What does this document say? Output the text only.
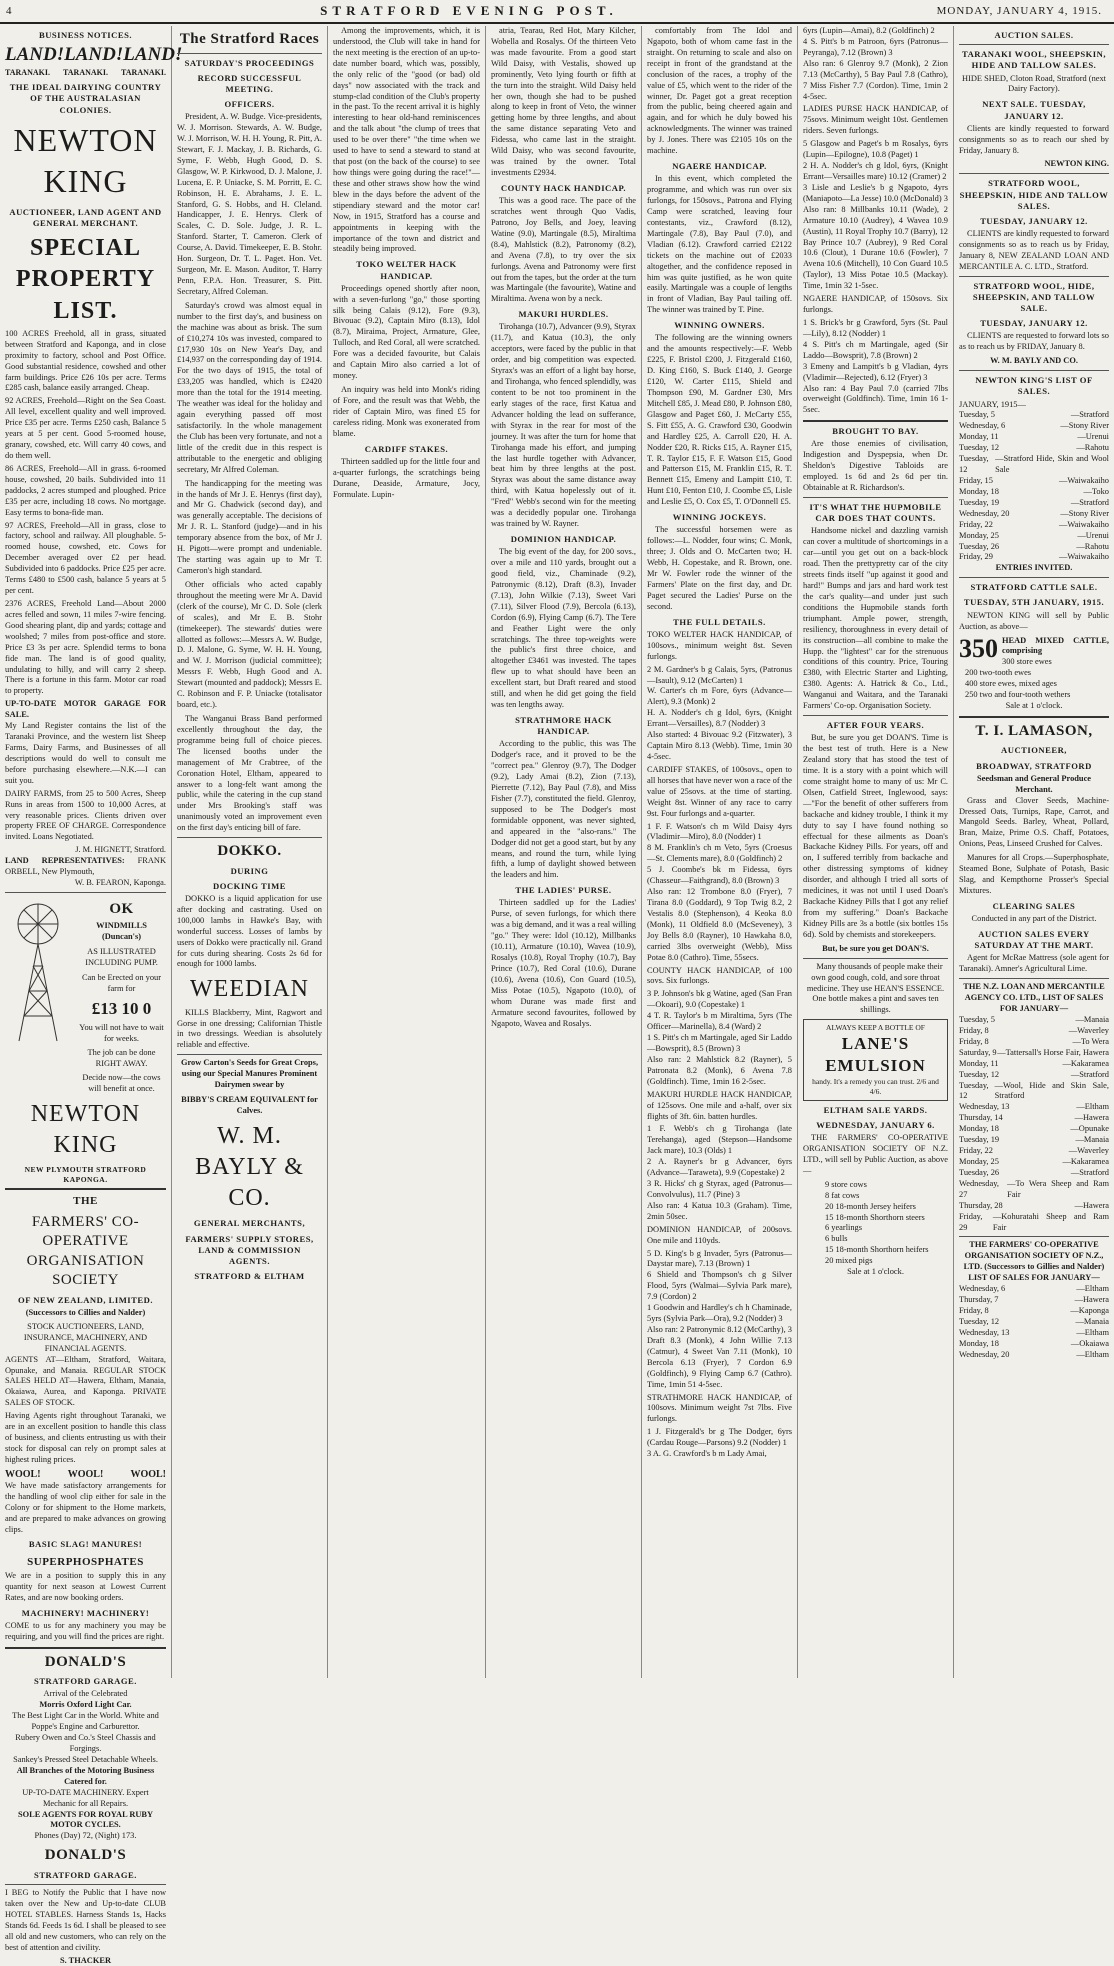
4	STRATFORD EVENING POST.	MONDAY, JANUARY 4, 1915.
BUSINESS NOTICES.
LAND! LAND! LAND!
TARANAKI. TARANAKI. TARANAKI.
THE IDEAL DAIRYING COUNTRY OF THE AUSTRALASIAN COLONIES.
NEWTON KING
AUCTIONEER, LAND AGENT AND GENERAL MERCHANT.
SPECIAL PROPERTY LIST.
100 ACRES Freehold, all in grass, situated between Stratford and Kaponga, and in close proximity to factory, school and Post Office. Good substantial residence, cowshed and other farm buildings. Price £26 10s per acre. Terms £285 cash, balance easily arranged. Cheap.
92 ACRES, Freehold—Right on the Sea Coast. All level, excellent quality and well improved. Price £35 per acre. Terms £250 cash, Balance 5 years at 5 per cent. Good 5-roomed house, granary, cowshed, etc. Will carry 40 cows, and do them well.
86 ACRES, Freehold—All in grass. 6-roomed house, cowshed, 20 bails. Subdivided into 11 paddocks, 2 acres stumped and ploughed. Price £35 per acre, including 18 cows. No mortgage. Easy terms to bona-fide man.
97 ACRES, Freehold—All in grass, close to factory, school and railway. All ploughable. 5-roomed house, cowshed, etc. Cows for December averaged over £2 per head. Subdivided into 6 paddocks. Price £25 per acre. Terms £480 to £500 cash, balance 5 years at 5 per cent.
2376 ACRES, Freehold Land—About 2000 acres felled and sown, 11 miles 7-wire fencing. Good shearing plant, dip and yards; cottage and woolshed; 7 miles from post-office and store. Price £3 3s per acre. Splendid terms to bona fide man. The land is of good quality, undulating to hilly, and will carry 2 sheep. There is a fortune in this farm. Motor car road to property.
UP-TO-DATE MOTOR GARAGE FOR SALE.
My Land Register contains the list of the Taranaki Province, and the western list Sheep Farms, Dairy Farms, and Businesses of all descriptions would do well to consult me before purchasing elsewhere.—N.K.—I can suit you.
DAIRY FARMS, from 25 to 500 Acres, Sheep Runs in areas from 1500 to 10,000 Acres, at very reasonable prices. Clients driven over property FREE OF CHARGE. Correspondence invited. Loans Negotiated.
J. M. HIGNETT, Stratford.
LAND REPRESENTATIVES: FRANK ORBELL, New Plymouth,
W. B. FEARON, Kaponga.
OK
WINDMILLS (Duncan's)
AS ILLUSTRATED INCLUDING PUMP.
Can be Erected on your farm for
£13 10 0
You will not have to wait for weeks.
The job can be done RIGHT AWAY.
Decide now—the cows will benefit at once.
NEWTON KING
NEW PLYMOUTH STRATFORD KAPONGA.
THE
FARMERS' CO-OPERATIVE ORGANISATION SOCIETY
OF NEW ZEALAND, LIMITED.
(Successors to Cillies and Nalder)
STOCK AUCTIONEERS, LAND, INSURANCE, MACHINERY, AND FINANCIAL AGENTS.
AGENTS AT—Eltham, Stratford, Waitara, Opunake, and Manaia. REGULAR STOCK SALES HELD AT—Hawera, Eltham, Manaia, Okaiawa, Aurea, and Kaponga. PRIVATE SALES OF STOCK.
Having Agents right throughout Taranaki, we are in an excellent position to handle this class of business, and clients entrusting us with their stock for disposal can rely on prompt sales at highest ruling prices.
WOOL!	WOOL!	WOOL!
We have made satisfactory arrangements for the handling of wool clip either for sale in the Colony or for shipment to the Home markets, and are prepared to make advances on growing clips.
BASIC SLAG! MANURES!
SUPERPHOSPHATES
We are in a position to supply this in any quantity for next season at Lowest Current Rates, and are now booking orders.
MACHINERY! MACHINERY!
COME to us for any machinery you may be requiring, and you will find the prices are right.
DONALD'S
STRATFORD GARAGE.
Arrival of the Celebrated
Morris Oxford Light Car.
The Best Light Car in the World. White and Poppe's Engine and Carburettor.
Rubery Owen and Co.'s Steel Chassis and Forgings.
Sankey's Pressed Steel Detachable Wheels.
All Branches of the Motoring Business Catered for.
UP-TO-DATE MACHINERY. Expert Mechanic for all Repairs.
SOLE AGENTS FOR ROYAL RUBY MOTOR CYCLES.
Phones (Day) 72, (Night) 173.
DONALD'S
STRATFORD GARAGE.
I BEG to Notify the Public that I have now taken over the New and Up-to-date CLUB HOTEL STABLES. Harness Stands 1s, Hacks Stands 6d. Feeds 1s 6d. I shall be pleased to see all old and new customers, who can rely on the best of attention and civility.
S. THACKER
The Stratford Races
SATURDAY'S PROCEEDINGS
RECORD SUCCESSFUL MEETING.
OFFICERS.

President, A. W. Budge. Vice-presidents, W. J. Morrison. Stewards, A. W. Budge, W. J. Morrison, W. H. H. Young, R. Pitt, A. Stewart, F. J. Mackay, J. B. Richards, G. Syme, F. Webb, Hugh Good, D. S. Glasgow, W. P. Kirkwood, D. J. Malone, J. Lucena, E. P. Uniacke, S. M. Porritt, E. C. Robinson, H. E. Abrahams, J. E. L. Stanford, G. S. Hobbs, and H. Cleland. Handicapper, J. E. Henrys. Clerk of Scales, C. D. Sole. Judge, J. R. L. Stanford. Starter, T. Cameron. Clerk of Course, A. David. Timekeeper, E. B. Stohr. Hon. Surgeon, Dr. T. L. Paget. Hon. Vet. Surgeon, Mr. E. Mason. Auditor, T. Harry Penn, F.P.A. Hon. Treasurer, S. Pitt. Secretary, Alfred Coleman.

Saturday's crowd was almost equal in number to the first day's, and business on the machine was about as brisk. The sum of £10,274 10s was invested, compared to £17,930 10s on New Year's Day, and £14,937 on the corresponding day of 1914. For the two days of 1915, the total of £33,205 was handled, which is £2420 more than the total for the 1914 meeting. The weather was ideal for the holiday and again everything passed off most satisfactorily. In the whole management the Club has been very fortunate, and not a little of the credit due in this respect is attributable to the energetic and obliging secretary, Mr Alfred Coleman.

The handicapping for the meeting was in the hands of Mr J. E. Henrys (first day), and Mr G. Chadwick (second day), and was generally acceptable. The decisions of Mr J. R. L. Stanford (judge)—and in his temporary absence from the box, of Mr J. H. Pigott—were prompt and undeniable. The starting was again up to Mr T. Cameron's high standard.

Other officials who acted capably throughout the meeting were Mr A. David (clerk of the course), Mr C. D. Sole (clerk of scales), and Mr E. B. Stohr (timekeeper). The stewards' duties were allotted as follows:—Messrs A. W. Budge, D. J. Malone, G. Syme, W. H. H. Young, and W. J. Morrison (judicial committee); Messrs F. Webb, Hugh Good and A. Stewart (mounted and paddock); Messrs E. C. Robinson and F. P. Uniacke (totalisator board, etc.).

The Wanganui Brass Band performed excellently throughout the day, the programme being full of choice pieces. The licensed booths under the management of Mr Crabtree, of the Coronation Hotel, Eltham, appeared to answer to a long-felt want among the public, while the catering in the cup stand under Mrs Brooking's staff was unanimously voted an improvement even on the first day's enticing bill of fare.

DOKKO.
DURING
DOCKING TIME

DOKKO is a liquid application for use after docking and castrating. Used on 100,000 lambs in Hawke's Bay, with wonderful success. Losses of lambs by users of Dokko were practically nil. Grand for cuts during shearing. Costs 2s 6d for enough for 1000 lambs.

WEEDIAN

KILLS Blackberry, Mint, Ragwort and Gorse in one dressing; Californian Thistle in two dressings. Weedian is absolutely reliable and effective.

Grow Carton's Seeds for Great Crops, using our Special Manures Prominent Dairymen swear by
BIBBY'S CREAM EQUIVALENT for Calves.
W. M. BAYLY & CO.
GENERAL MERCHANTS,
FARMERS' SUPPLY STORES, LAND & COMMISSION AGENTS.
STRATFORD & ELTHAM

Among the improvements, which, it is understood, the Club will take in hand for the next meeting is the erection of an up-to-date number board, which was, possibly, the only relic of the "good (or bad) old days" now associated with the track and stump-clad condition of the Club's property in the past. To the recent arrival it is highly interesting to hear old-hand reminiscences and the talk about "the clump of trees that used to be over there" "the time when we used to have to send a steward to stand at that post (on the back of the course) to see how things were going during the race!"—these and other straws show how the wind blew in the days before the advent of the stipendiary steward and the motor car! Now, in 1915, Stratford has a course and appointments in keeping with the importance of the town and district and steadily being improved.

TOKO WELTER HACK HANDICAP.

Proceedings opened shortly after noon, with a seven-furlong "go," those sporting silk being Calais (9.12), Fore (9.3), Bivouac (9.2), Captain Miro (8.13), Idol (8.7), Miraima, Project, Armature, Glee, Tulloch, and Red Coral, all were scratched. Fore was a decided favourite, but Calais and Captain Miro also carried a lot of money.

An inquiry was held into Monk's riding of Fore, and the result was that Webb, the rider of Captain Miro, was fined £5 for careless riding. Monk was exonerated from blame.

CARDIFF STAKES.

Thirteen saddled up for the little four and a-quarter furlongs, the scratchings being Durane, Deaside, Armature, Jocy, Formulate. Lupin-

atria, Tearau, Red Hot, Mary Kilcher, Wobella and Rosalys. Of the thirteen Veto was made favourite. From a good start Wild Daisy, with Vestalis, showed up prominently, Veto lying fourth or fifth at the turn into the straight. Wild Daisy held her own, though she had to be pushed along to keep in front of Veto, the winner getting home by three lengths, and about the same distance separating Veto and Fidessa, who came last in the straight. Wild Daisy, who was second favourite, was trained by the owner. Total investments £2934.

COUNTY HACK HANDICAP.

This was a good race. The pace of the scratches went through Quo Vadis, Patrono, Joy Bells, and Joey, leaving Watine (9.0), Martingale (8.5), Miraltima (8.4), Mahlstick (8.2), Patronomy (8.2), and Avena (7.8), to try over the six furlongs. Avena and Patronomy were first out from the tapes, but the order at the turn was Martingale (the favourite), Watine and Miraltima. Avena won by a neck.

MAKURI HURDLES.

Tirohanga (10.7), Advancer (9.9), Styrax (11.7), and Katua (10.3), the only acceptors, were faced by the public in that order, and big competition was expected. Styrax's was an effort of a light bay horse, and Tirohanga, who fenced splendidly, was content to be not too prominent in the early stages of the race, first Katua and Advancer holding the lead on sufferance, with Styrax in the rear for most of the journey. It was after the turn for home that Tirohanga made his effort, and jumping the last hurdle together with Advancer, beat him by three lengths at the post. Styrax was about the same distance away third, with Katua hopelessly out of it. "Fred" Webb's second win for the meeting was a decidedly popular one. Tirohanga was trained by W. Rayner.

DOMINION HANDICAP.

The big event of the day, for 200 sovs., over a mile and 110 yards, brought out a good field, viz., Chaminade (9.2), Patronymic (8.12), Draft (8.3), Invader (7.13), John Wilkie (7.13), Sweet Vari (7.11), Silver Flood (7.9), Bercola (6.13), Cordon (6.9), Flying Camp (6.7). The Tere and Feather Light were the only scratchings. The three top-weights were the public's first three choice, and altogether £3461 was invested. The tapes flew up to what should have been an excellent start, but Draft reared and stood still, and when he did get going the field was ten lengths away.

STRATHMORE HACK HANDICAP.

According to the public, this was The Dodger's race, and it proved to be the "correct pea." Glenroy (9.7), The Dodger (9.2), Lady Amai (8.2), Zion (7.13), Pierrette (7.12), Bay Paul (7.8), and Miss Fisher (7.7), constituted the field. Glenroy, supposed to be The Dodger's most formidable opponent, was never sighted, and appeared in the "also-rans." The Dodger did not get a good start, but by any means, and round the turn, while lying fifth, a lump of daylight showed between the leaders and him.

THE LADIES' PURSE.

Thirteen saddled up for the Ladies' Purse, of seven furlongs, for which there was a big demand, and it was a real willing "go." They were: Idol (10.12), Millbanks (10.11), Armature (10.10), Wavea (10.9), Rosalys (10.8), Royal Trophy (10.7), Bay Prince (10.7), Red Coral (10.6), Durane (10.6), Avena (10.6), Con Guard (10.5), Miss Potae (10.5), Ngapoto (10.0), of whom Durane was made first and Armature second favourites, followed by Ngapoto, Wavea and Rosalys.

comfortably from The Idol and Ngapoto, both of whom came fast in the straight. On returning to scale and also on receipt in front of the grandstand at the conclusion of the races, a trophy of the value of £5, which went to the rider of the winner, Dr. Paget got a great reception from the public, being cheered again and again, and for which he duly bowed his acknowledgments. The winner was trained by J. Jones. There was £2105 10s on the machine.

NGAERE HANDICAP.

In this event, which completed the programme, and which was run over six furlongs, for 150sovs., Patrona and Flying Camp were scratched, leaving four contestants, viz., Crawford (8.12), Martingale (7.8), Bay Paul (7.0), and Vladian (6.12). Crawford carried £2122 tickets on the machine out of £2033 altogether, and the confidence reposed in him was quite justified, as he won quite easily. Martingale was a couple of lengths in front of Vladian, Bay Paul tailing off. The winner was trained by T. Pine.

WINNING OWNERS.

The following are the winning owners and the amounts respectively:—F. Webb £225, F. Bristol £200, J. Fitzgerald £160, D. King £160, S. Buck £140, J. George £120, W. Carter £115, Shield and Thompson £90, M. Gardner £30, Mrs Mitchell £85, J. Mead £80, P. Johnson £80, Glasgow and Paget £60, J. McCarty £55, S. Fitt £55, A. G. Crawford £30, Goodwin and Hardley £25, A. Carroll £20, H. A. Nodder £20, R. Ricks £15, A. Rayner £15, T. R. Taylor £15, F. F. Watson £15, Good and Patterson £15, M. Franklin £15, R. T. Bennett £15, Emeny and Lampitt £10, T. Hunt £10, Fenton £10, J. Coombe £5, Lisle and Leslie £5, O. Cox £5, T. O'Donnell £5.

WINNING JOCKEYS.

The successful horsemen were as follows:—L. Nodder, four wins; C. Monk, three; J. Olds and O. McCarten two; H. Webb, H. Copestake, and R. Brown, one. Mr W. Fowler rode the winner of the Farmers' Plate on the first day, and Dr. Paget secured the Ladies' Purse on the second.

THE FULL DETAILS.
TOKO WELTER HACK HANDICAP, of 100sovs., minimum weight 8st. Seven furlongs.
2 M. Gardner's b g Calais, 5yrs, (Patronus—Isault), 9.12 (McCarten) 1
W. Carter's ch m Fore, 6yrs (Advance—Alert), 9.3 (Monk) 2
H. A. Nodder's ch g Idol, 6yrs, (Knight Errant—Versailles), 8.7 (Nodder) 3
Also started: 4 Bivouac 9.2 (Fitzwater), 3 Captain Miro 8.13 (Webb). Time, 1min 30 4-5sec.
CARDIFF STAKES, of 100sovs., open to all horses that have never won a race of the value of 25sovs. at the time of starting. Weight 8st. Winner of any race to carry 9st. Four furlongs and a-quarter.
1 F. F. Watson's ch m Wild Daisy 4yrs (Vladimir—Miro), 8.0 (Nodder) 1
8 M. Franklin's ch m Veto, 5yrs (Croesus—St. Clements mare), 8.0 (Goldfinch) 2
5 J. Coombe's bk m Fidessa, 6yrs (Chasseur—Faithgrand), 8.0 (Brown) 3
Also ran: 12 Trombone 8.0 (Fryer), 7 Tirana 8.0 (Goddard), 9 Top Twig 8.2, 2 Vestalis 8.0 (Stephenson), 4 Keoka 8.0 (Monk), 11 Oldfield 8.0 (McSeveney), 3 Joy Bells 8.0 (Rayner), 10 Hawkaha 8.0, carried 3lbs overweight (Webb), Miss Potae 8.0 (Cathro). Time, 55secs.
COUNTY HACK HANDICAP, of 100 sovs. Six furlongs.
3 P. Johnson's bk g Watine, aged (San Fran—Okoari), 9.0 (Copestake) 1
4 T. R. Taylor's b m Miraltima, 5yrs (The Officer—Marinella), 8.4 (Ward) 2
1 S. Pitt's ch m Martingale, aged Sir Laddo—Bowsprit), 8.5 (Brown) 3
Also ran: 2 Mahlstick 8.2 (Rayner), 5 Patronata 8.2 (Monk), 6 Avena 7.8 (Goldfinch). Time, 1min 16 2-5sec.
MAKURI HURDLE HACK HANDICAP, of 125sovs. One mile and a-half, over six flights of 3ft. 6in. batten hurdles.
1 F. Webb's ch g Tirohanga (late Terehanga), aged (Stepson—Handsome Jack mare), 10.3 (Olds) 1
2 A. Rayner's br g Advancer, 6yrs (Advance—Taraweta), 9.9 (Copestake) 2
3 R. Hicks' ch g Styrax, aged (Patronus—Convolvulus), 11.7 (Pine) 3
Also ran: 4 Katua 10.3 (Graham). Time, 2min 50sec.
DOMINION HANDICAP, of 200sovs. One mile and 110yds.
5 D. King's b g Invader, 5yrs (Patronus—Daystar mare), 7.13 (Brown) 1
6 Shield and Thompson's ch g Silver Flood, 5yrs (Walmai—Sylvia Park mare), 7.9 (Cordon) 2
1 Goodwin and Hardley's ch h Chaminade, 5yrs (Sylvia Park—Ora), 9.2 (Nodder) 3
Also ran: 2 Patronymic 8.12 (McCarthy), 3 Draft 8.3 (Monk), 4 John Willie 7.13 (Catmur), 4 Sweet Van 7.11 (Monk), 10 Bercola 6.13 (Fryer), 7 Cordon 6.9 (Goldfinch), 9 Flying Camp 6.7 (Cathro). Time, 1min 51 4-5sec.
STRATHMORE HACK HANDICAP, of 100sovs. Minimum weight 7st 7lbs. Five furlongs.
1 J. Fitzgerald's br g The Dodger, 6yrs (Cardau Rouge—Parsons) 9.2 (Nodder) 1
3 A. G. Crawford's b m Lady Amai,
6yrs (Lupin—Amai), 8.2 (Goldfinch) 2
4 S. Pitt's b m Patroon, 6yrs (Patronus—Peyranga), 7.12 (Brown) 3
Also ran: 6 Glenroy 9.7 (Monk), 2 Zion 7.13 (McCarthy), 5 Bay Paul 7.8 (Cathro), 7 Miss Fisher 7.7 (Cordon). Time, 1min 2 4-5sec.
LADIES PURSE HACK HANDICAP, of 75sovs. Minimum weight 10st. Gentlemen riders. Seven furlongs.
5 Glasgow and Paget's b m Rosalys, 6yrs (Lupin—Epilogne), 10.8 (Paget) 1
2 H. A. Nodder's ch g Idol, 6yrs, (Knight Errant—Versailles mare) 10.12 (Cramer) 2
3 Lisle and Leslie's b g Ngapoto, 4yrs (Maniapoto—La Jesse) 10.0 (McDonald) 3
Also ran: 8 Millbanks 10.11 (Wade), 2 Armature 10.10 (Audrey), 4 Wavea 10.9 (Austin), 11 Royal Trophy 10.7 (Barry), 12 Bay Prince 10.7 (Aubrey), 9 Red Coral 10.6 (Clout), 1 Durane 10.6 (Fowler), 7 Avena 10.6 (Mitchell), 10 Con Guard 10.5 (Taylor), 13 Miss Potae 10.5 (Mackay). Time, 1min 32 1-5sec.
NGAERE HANDICAP, of 150sovs. Six furlongs.
1 S. Brick's br g Crawford, 5yrs (St. Paul—Lily), 8.12 (Nodder) 1
4 S. Pitt's ch m Martingale, aged (Sir Laddo—Bowsprit), 7.8 (Brown) 2
3 Emeny and Lampitt's b g Vladian, 4yrs (Vladimir—Rejected), 6.12 (Fryer) 3
Also ran: 4 Bay Paul 7.0 (carried 7lbs overweight (Goldfinch). Time, 1min 16 1-5sec.
BROUGHT TO BAY.

Are those enemies of civilisation, Indigestion and Dyspepsia, when Dr. Sheldon's Digestive Tabloids are employed. 1s 6d and 2s 6d per tin. Obtainable at R. Richardson's.

IT'S WHAT THE HUPMOBILE CAR DOES THAT COUNTS.

Handsome nickel and dazzling varnish can cover a multitude of shortcomings in a car—until you get out on a back-block road. Then the prettypretty car of the city streets finds itself "up against it good and hard!" Bumps and jars and hard work test the car's quality—and under just such conditions the Hupmobile stands forth triumphant. Ample power, strength, resiliency, thoroughness in every detail of its construction—all combine to make the Hupp. the "lightest" car for the strenuous conditions of this country. Price, Touring £380, with Electric Starter and Lighting, £380. Agents: A. Hatrick & Co., Ltd., Wanganui and Waitara, and the Taranaki Farmers' Co-op. Organisation Society.

AFTER FOUR YEARS.

But, be sure you get DOAN'S. Time is the best test of truth. Here is a New Zealand story that has stood the test of time. It is a story with a point which will come straight home to many of us: Mr C. Olsen, Catfield Street, Inglewood, says:—"For the benefit of other sufferers from backache and kidney trouble, I think it my duty to say I have found nothing so effectual for these ailments as Doan's Backache Kidney Pills. For years, off and on, I suffered terribly from backache and other distressing symptoms of kidney disorder, and although I tried all sorts of medicines, it was not until I used Doan's Backache Kidney Pills that I got any relief from my suffering." Doan's Backache Kidney Pills are 3s a bottle (six bottles 15s 6d). Sold by chemists and storekeepers.

But, be sure you get DOAN'S.

Many thousands of people make their own good cough, cold, and sore throat medicine. They use HEAN'S ESSENCE. One bottle makes a pint and saves ten shillings.

ALWAYS KEEP A BOTTLE OF
LANE'S EMULSION
handy. It's a remedy you can trust. 2/6 and 4/6.
ELTHAM SALE YARDS.
WEDNESDAY, JANUARY 6.

THE FARMERS' CO-OPERATIVE ORGANISATION SOCIETY OF N.Z. LTD., will sell by Public Auction, as above—

9 store cows
8 fat cows
20 18-month Jersey heifers
15 18-month Shorthorn steers
6 yearlings
6 bulls
15 18-month Shorthorn heifers
20 mixed pigs
Sale at 1 o'clock.
AUCTION SALES.
TARANAKI WOOL, SHEEPSKIN, HIDE AND TALLOW SALES.
HIDE SHED, Cloton Road, Stratford (next Dairy Factory).
NEXT SALE. TUESDAY, JANUARY 12.

Clients are kindly requested to forward consignments so as to reach our shed by Friday, January 8.

NEWTON KING.
STRATFORD WOOL, SHEEPSKIN, HIDE AND TALLOW SALES.
TUESDAY, JANUARY 12.

CLIENTS are kindly requested to forward consignments so as to reach us by Friday, January 8, NEW ZEALAND LOAN AND MERCANTILE A. C. LTD., Stratford.

STRATFORD WOOL, HIDE, SHEEPSKIN, AND TALLOW SALE.
TUESDAY, JANUARY 12.

CLIENTS are requested to forward lots so as to reach us by FRIDAY, January 8.

W. M. BAYLY AND CO.
NEWTON KING'S LIST OF SALES.
JANUARY, 1915—
Tuesday, 5	—Stratford
Wednesday, 6	—Stony River
Monday, 11	—Urenui
Tuesday, 12	—Rahotu
Tuesday, 12
—Stratford Hide, Skin and Wool Sale
Friday, 15	—Waiwakaiho
Monday, 18	—Toko
Tuesday, 19	—Stratford
Wednesday, 20	—Stony River
Friday, 22	—Waiwakaiho
Monday, 25	—Urenui
Tuesday, 26	—Rahotu
Friday, 29	—Waiwakaiho
ENTRIES INVITED.
STRATFORD CATTLE SALE.
TUESDAY, 5TH JANUARY, 1915.

NEWTON KING will sell by Public Auction, as above—

350 HEAD MIXED CATTLE, comprising
300 store ewes
200 two-tooth ewes
400 store ewes, mixed ages
250 two and four-tooth wethers
Sale at 1 o'clock.
T. I. LAMASON,
AUCTIONEER,
BROADWAY, STRATFORD
Seedsman and General Produce Merchant.

Grass and Clover Seeds, Machine-Dressed Oats, Turnips, Rape, Carrot, and Mangold Seeds. Barley, Wheat, Pollard, Bran, Maize, Prime O.S. Chaff, Potatoes, Onions, Peas, Linseed Crushed for Calves.

Manures for all Crops.—Superphosphate, Steamed Bone, Sulphate of Potash, Basic Slag, and Kempthorne Prosser's Special Mixtures.

CLEARING SALES
Conducted in any part of the District.
AUCTION SALES EVERY SATURDAY AT THE MART.

Agent for McRae Mattress (sole agent for Taranaki). Amner's Agricultural Lime.

THE N.Z. LOAN AND MERCANTILE AGENCY CO. LTD., LIST OF SALES FOR JANUARY—
Tuesday, 5	—Manaia
Friday, 8	—Waverley
Friday, 8	—To Wera
Saturday, 9 —Tattersall's Horse Fair, Hawera
Monday, 11	—Kakaramea
Tuesday, 12	—Stratford
Tuesday, 12
—Wool, Hide and Skin Sale, Stratford
Wednesday, 13	—Eltham
Thursday, 14	—Hawera
Monday, 18	—Opunake
Tuesday, 19	—Manaia
Friday, 22	—Waverley
Monday, 25	—Kakaramea
Tuesday, 26	—Stratford
Wednesday, 27
—To Wera Sheep and Ram Fair
Thursday, 28	—Hawera
Friday, 29
—Kohuratahi Sheep and Ram Fair
THE FARMERS' CO-OPERATIVE ORGANISATION SOCIETY OF N.Z., LTD. (Successors to Gillies and Nalder) LIST OF SALES FOR JANUARY—
Wednesday, 6	—Eltham
Thursday, 7	—Hawera
Friday, 8	—Kaponga
Tuesday, 12	—Manaia
Wednesday, 13	—Eltham
Monday, 18	—Okaiawa
Wednesday, 20	—Eltham
